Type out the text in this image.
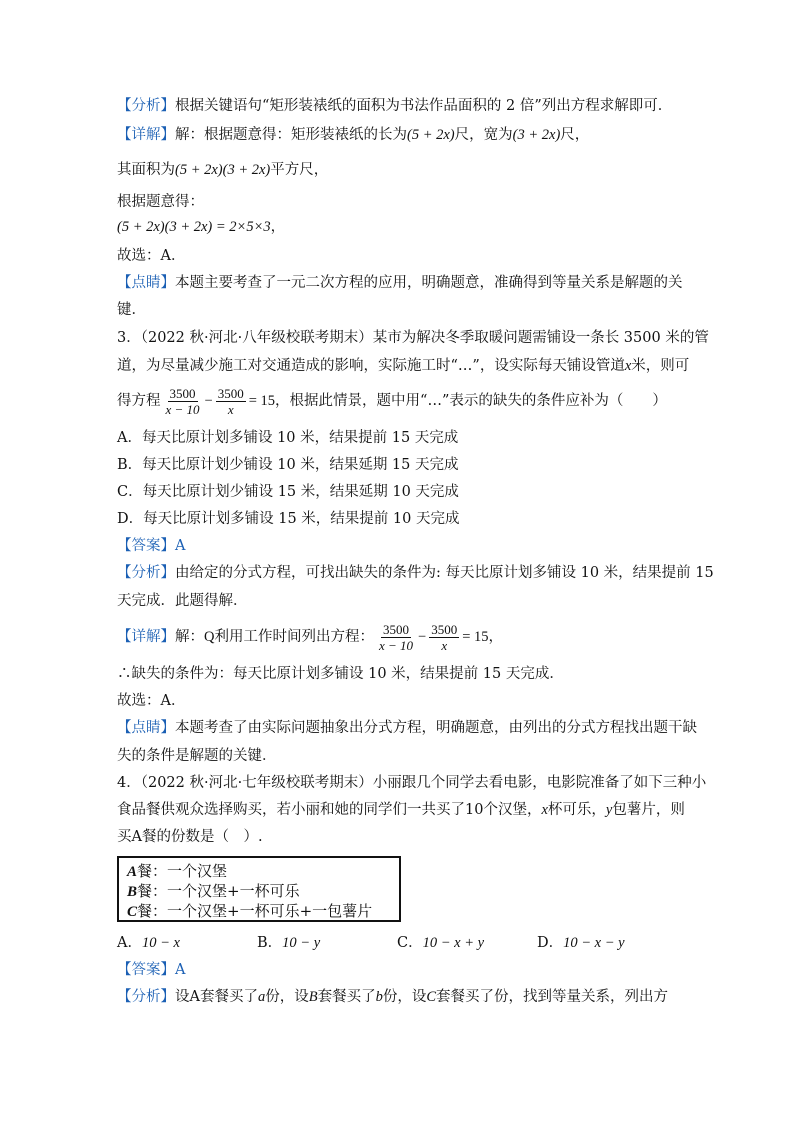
【分析】根据关键语句“矩形装裱纸的面积为书法作品面积的 2 倍”列出方程求解即可．
【详解】解：根据题意得：矩形装裱纸的长为(5 + 2x)尺，宽为(3 + 2x)尺，
其面积为(5 + 2x)(3 + 2x)平方尺，
根据题意得：
(5 + 2x)(3 + 2x) = 2×5×3，
故选：A．
【点睛】本题主要考查了一元二次方程的应用，明确题意，准确得到等量关系是解题的关
键．
3．（2022 秋·河北·八年级校联考期末）某市为解决冬季取暖问题需铺设一条长 3500 米的管
道，为尽量减少施工对交通造成的影响，实际施工时“…”，设实际每天铺设管道x米，则可
得方程 $\frac{3500}{x - 10} - \frac{3500}{x} = 15$，根据此情景，题中用“…”表示的缺失的条件应补为（　　）
A．每天比原计划多铺设 10 米，结果提前 15 天完成
B．每天比原计划少铺设 10 米，结果延期 15 天完成
C．每天比原计划少铺设 15 米，结果延期 10 天完成
D．每天比原计划多铺设 15 米，结果提前 10 天完成
【答案】A
【分析】由给定的分式方程，可找出缺失的条件为: 每天比原计划多铺设 10 米，结果提前 15
天完成．此题得解．
【详解】解：Q利用工作时间列出方程： $\frac{3500}{x - 10} - \frac{3500}{x} = 15$，
∴缺失的条件为：每天比原计划多铺设 10 米，结果提前 15 天完成．
故选：A．
【点睛】本题考查了由实际问题抽象出分式方程，明确题意，由列出的分式方程找出题干缺
失的条件是解题的关键．
4．（2022 秋·河北·七年级校联考期末）小丽跟几个同学去看电影，电影院准备了如下三种小
食品餐供观众选择购买，若小丽和她的同学们一共买了10个汉堡，x杯可乐，y包薯片，则
买A餐的份数是（　）.
A餐：一个汉堡
B餐：一个汉堡+一杯可乐
C餐：一个汉堡+一杯可乐+一包薯片
A．10 − x	B．10 − y	C．10 − x + y	D．10 − x − y
【答案】A
【分析】设A套餐买了a份，设B套餐买了b份，设C套餐买了份，找到等量关系，列出方
